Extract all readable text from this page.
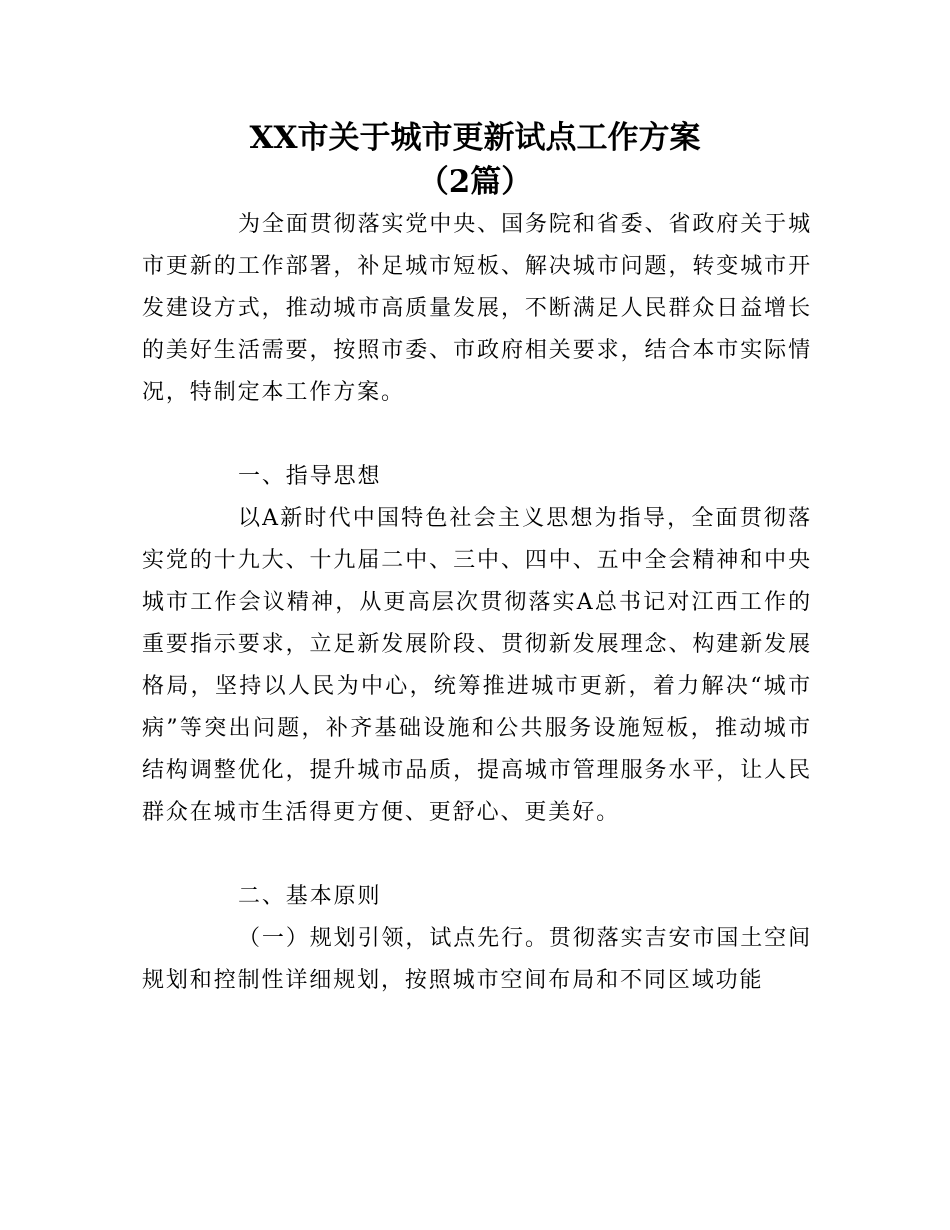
XX市关于城市更新试点工作方案
（2篇）

为全面贯彻落实党中央、国务院和省委、省政府关于城市更新的工作部署，补足城市短板、解决城市问题，转变城市开发建设方式，推动城市高质量发展，不断满足人民群众日益增长的美好生活需要，按照市委、市政府相关要求，结合本市实际情况，特制定本工作方案。

一、指导思想

以A新时代中国特色社会主义思想为指导，全面贯彻落实党的十九大、十九届二中、三中、四中、五中全会精神和中央城市工作会议精神，从更高层次贯彻落实A总书记对江西工作的重要指示要求，立足新发展阶段、贯彻新发展理念、构建新发展格局，坚持以人民为中心，统筹推进城市更新，着力解决“城市病”等突出问题，补齐基础设施和公共服务设施短板，推动城市结构调整优化，提升城市品质，提高城市管理服务水平，让人民群众在城市生活得更方便、更舒心、更美好。

二、基本原则

（一）规划引领，试点先行。贯彻落实吉安市国土空间规划和控制性详细规划，按照城市空间布局和不同区域功能
